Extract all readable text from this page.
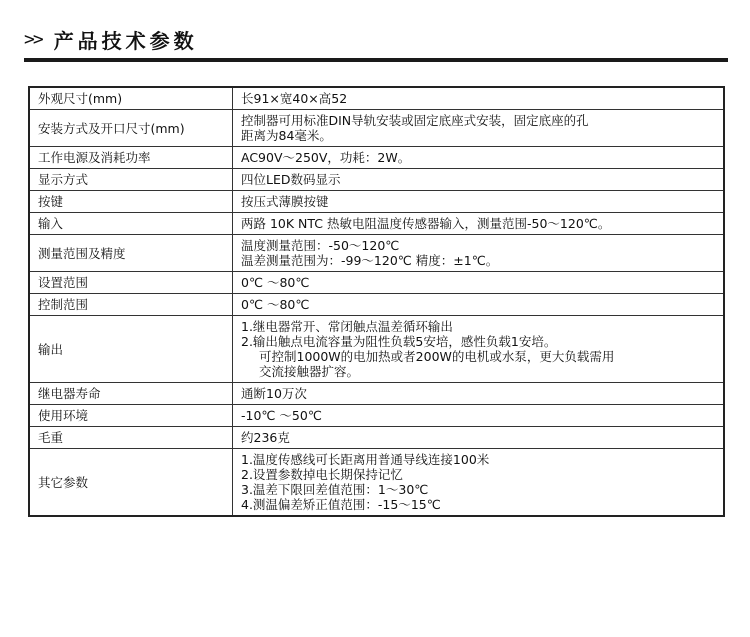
>> 产品技术参数
外观尺寸(mm)	长91×宽40×高52

安装方式及开口尺寸(mm)	控制器可用标准DIN导轨安装或固定底座式安装，固定底座的孔
距离为84毫米。

工作电源及消耗功率	AC90V～250V，功耗：2W。

显示方式	四位LED数码显示

按键	按压式薄膜按键

输入	两路 10K NTC 热敏电阻温度传感器输入，测量范围-50～120℃。

测量范围及精度	温度测量范围：-50～120℃
温差测量范围为：-99～120℃ 精度：±1℃。

设置范围	0℃ ～80℃

控制范围	0℃ ～80℃

输出	1.继电器常开、常闭触点温差循环输出
2.输出触点电流容量为阻性负载5安培，感性负载1安培。
可控制1000W的电加热或者200W的电机或水泵，更大负载需用
交流接触器扩容。

继电器寿命	通断10万次

使用环境	-10℃ ～50℃

毛重	约236克

其它参数	1.温度传感线可长距离用普通导线连接100米
2.设置参数掉电长期保持记忆
3.温差下限回差值范围：1～30℃
4.测温偏差矫正值范围：-15～15℃
